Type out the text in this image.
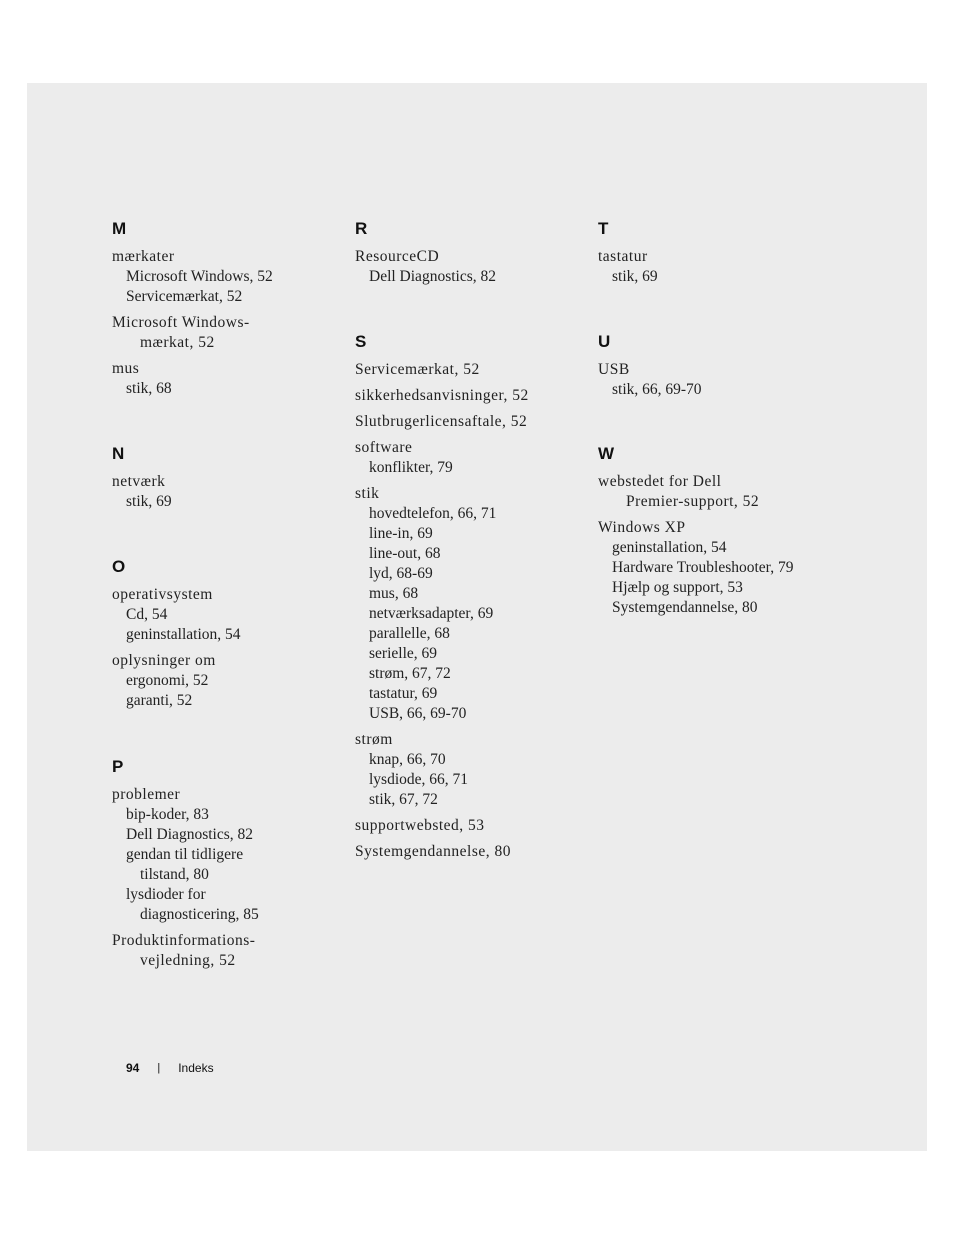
M
mærkater
Microsoft Windows, 52
Servicemærkat, 52
Microsoft Windows-
mærkat, 52
mus
stik, 68
N
netværk
stik, 69
O
operativsystem
Cd, 54
geninstallation, 54
oplysninger om
ergonomi, 52
garanti, 52
P
problemer
bip-koder, 83
Dell Diagnostics, 82
gendan til tidligere
tilstand, 80
lysdioder for
diagnosticering, 85
Produktinformations-
vejledning, 52
R
ResourceCD
Dell Diagnostics, 82
S
Servicemærkat, 52
sikkerhedsanvisninger, 52
Slutbrugerlicensaftale, 52
software
konflikter, 79
stik
hovedtelefon, 66, 71
line-in, 69
line-out, 68
lyd, 68-69
mus, 68
netværksadapter, 69
parallelle, 68
serielle, 69
strøm, 67, 72
tastatur, 69
USB, 66, 69-70
strøm
knap, 66, 70
lysdiode, 66, 71
stik, 67, 72
supportwebsted, 53
Systemgendannelse, 80
T
tastatur
stik, 69
U
USB
stik, 66, 69-70
W
webstedet for Dell
Premier-support, 52
Windows XP
geninstallation, 54
Hardware Troubleshooter, 79
Hjælp og support, 53
Systemgendannelse, 80
94 | Indeks
